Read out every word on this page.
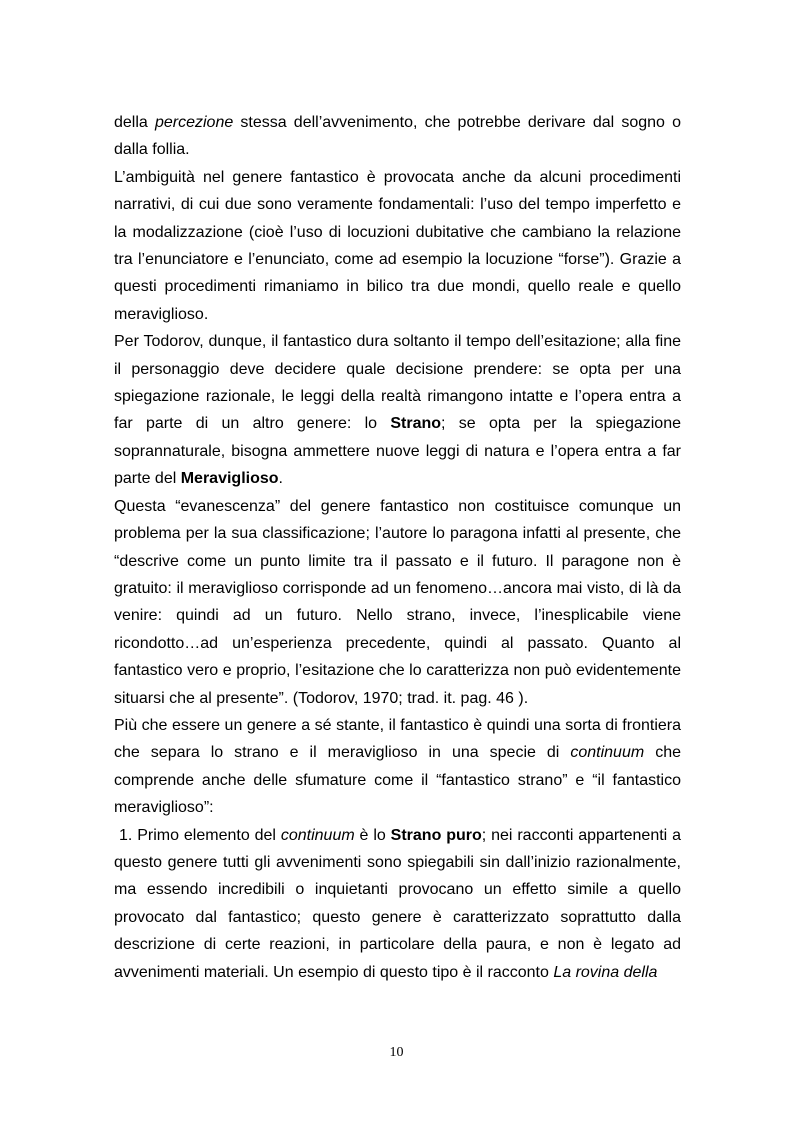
della percezione stessa dell’avvenimento, che potrebbe derivare dal sogno o dalla follia.

L’ambiguità nel genere fantastico è provocata anche da alcuni procedimenti narrativi, di cui due sono veramente fondamentali: l’uso del tempo imperfetto e la modalizzazione (cioè l’uso di locuzioni dubitative che cambiano la relazione tra l’enunciatore e l’enunciato, come ad esempio la locuzione “forse”). Grazie a questi procedimenti rimaniamo in bilico tra due mondi, quello reale e quello meraviglioso.

Per Todorov, dunque, il fantastico dura soltanto il tempo dell’esitazione; alla fine il personaggio deve decidere quale decisione prendere: se opta per una spiegazione razionale, le leggi della realtà rimangono intatte e l’opera entra a far parte di un altro genere: lo Strano; se opta per la spiegazione soprannaturale, bisogna ammettere nuove leggi di natura e l’opera entra a far parte del Meraviglioso.

Questa “evanescenza” del genere fantastico non costituisce comunque un problema per la sua classificazione; l’autore lo paragona infatti al presente, che “descrive come un punto limite tra il passato e il futuro. Il paragone non è gratuito: il meraviglioso corrisponde ad un fenomeno…ancora mai visto, di là da venire: quindi ad un futuro. Nello strano, invece, l’inesplicabile viene ricondotto…ad un’esperienza precedente, quindi al passato. Quanto al fantastico vero e proprio, l’esitazione che lo caratterizza non può evidentemente situarsi che al presente”. (Todorov, 1970; trad. it. pag. 46 ).

Più che essere un genere a sé stante, il fantastico è quindi una sorta di frontiera che separa lo strano e il meraviglioso in una specie di continuum che comprende anche delle sfumature come il “fantastico strano” e “il fantastico meraviglioso”:

1. Primo elemento del continuum è lo Strano puro; nei racconti appartenenti a questo genere tutti gli avvenimenti sono spiegabili sin dall’inizio razionalmente, ma essendo incredibili o inquietanti provocano un effetto simile a quello provocato dal fantastico; questo genere è caratterizzato soprattutto dalla descrizione di certe reazioni, in particolare della paura, e non è legato ad avvenimenti materiali. Un esempio di questo tipo è il racconto La rovina della

10
